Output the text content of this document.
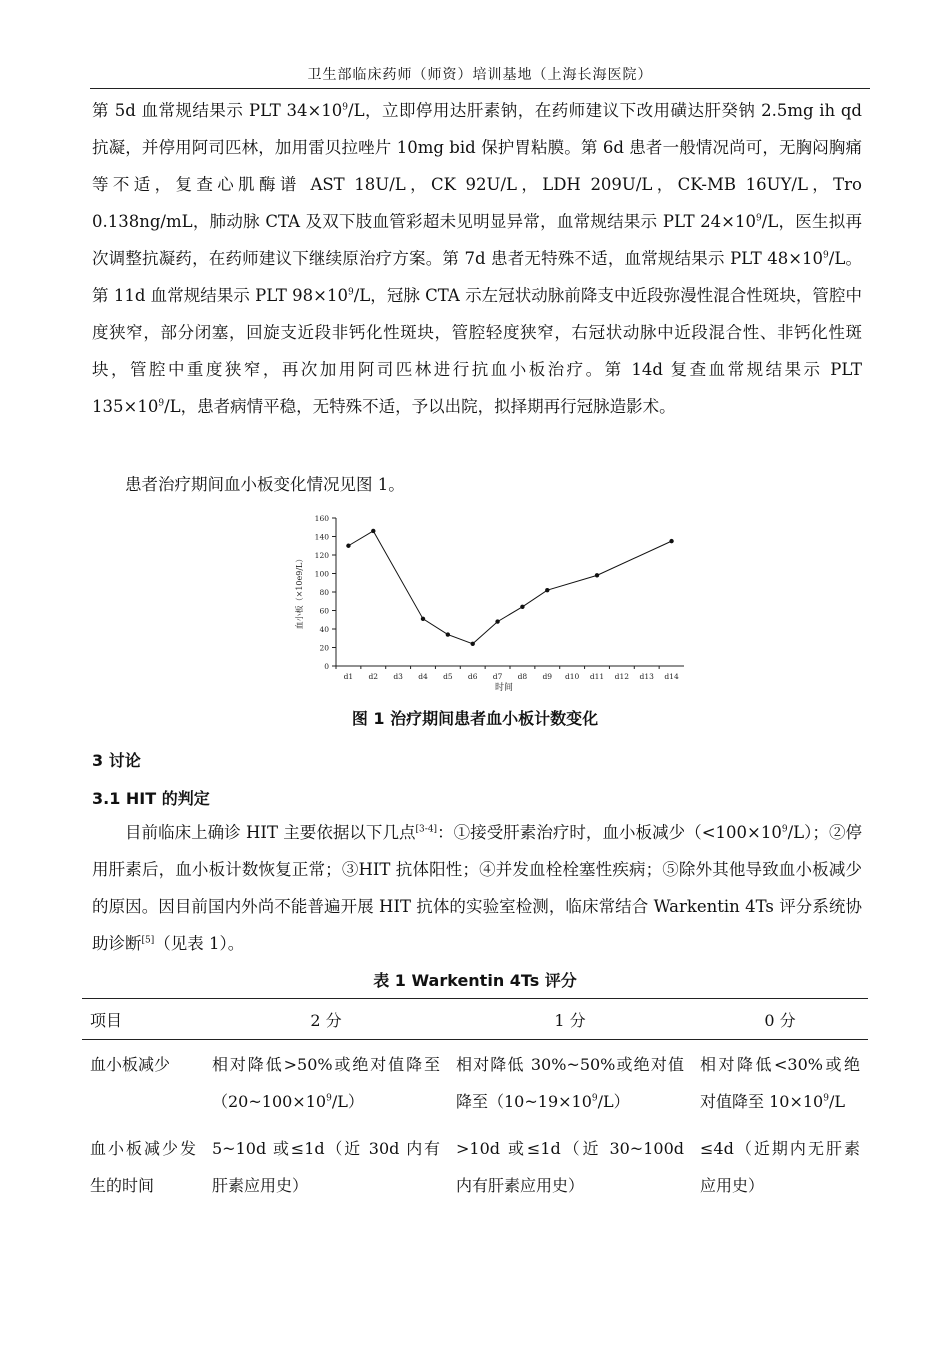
卫生部临床药师（师资）培训基地（上海长海医院）

第 5d 血常规结果示 PLT $34\times 10^9/L$，立即停用达肝素钠，在药师建议下改用磺达肝癸钠 2.5mg ih qd 抗凝，并停用阿司匹林，加用雷贝拉唑片 10mg bid 保护胃粘膜。第 6d 患者一般情况尚可，无胸闷胸痛等不适，复查心肌酶谱 AST 18U/L，CK 92U/L，LDH 209U/L，CK-MB 16UY/L，Tro 0.138ng/mL，肺动脉 CTA 及双下肢血管彩超未见明显异常，血常规结果示 PLT $24\times 10^9/L$，医生拟再次调整抗凝药，在药师建议下继续原治疗方案。第 7d 患者无特殊不适，血常规结果示 PLT $48\times 10^9/L$。第 11d 血常规结果示 PLT $98\times 10^9/L$，冠脉 CTA 示左冠状动脉前降支中近段弥漫性混合性斑块，管腔中度狭窄，部分闭塞，回旋支近段非钙化性斑块，管腔轻度狭窄，右冠状动脉中近段混合性、非钙化性斑块，管腔中重度狭窄，再次加用阿司匹林进行抗血小板治疗。第 14d 复查血常规结果示 PLT $135\times 10^9/L$，患者病情平稳，无特殊不适，予以出院，拟择期再行冠脉造影术。

患者治疗期间血小板变化情况见图 1。

血小板（×10e9/L）
时间
0
20
40
60
80
100
120
140
160
d1 d2 d3 d4 d5 d6 d7 d8 d9 d10 d11 d12 d13 d14
图 1 治疗期间患者血小板计数变化
3 讨论
3.1 HIT 的判定

目前临床上确诊 HIT 主要依据以下几点[3-4]：①接受肝素治疗时，血小板减少$(<100\times 10^9/L)$；②停用肝素后，血小板计数恢复正常；③HIT 抗体阳性；④并发血栓栓塞性疾病；⑤除外其他导致血小板减少的原因。因目前国内外尚不能普遍开展 HIT 抗体的实验室检测，临床常结合 Warkentin 4Ts 评分系统协助诊断[5]（见表 1）。

表 1 Warkentin 4Ts 评分
项目	2 分	1 分	0 分
血小板减少	相对降低>50%或绝对值降至$(20\sim 100\times 10^9/L)$	相对降低 30%~50%或绝对值降至$(10\sim 19\times 10^9/L)$	相对降低<30%或绝对值降至 $10\times 10^9/L$
血小板减少发生的时间	5~10d 或≤1d（近 30d 内有肝素应用史）	>10d 或≤1d（近 30~100d 内有肝素应用史）	≤4d（近期内无肝素应用史）
